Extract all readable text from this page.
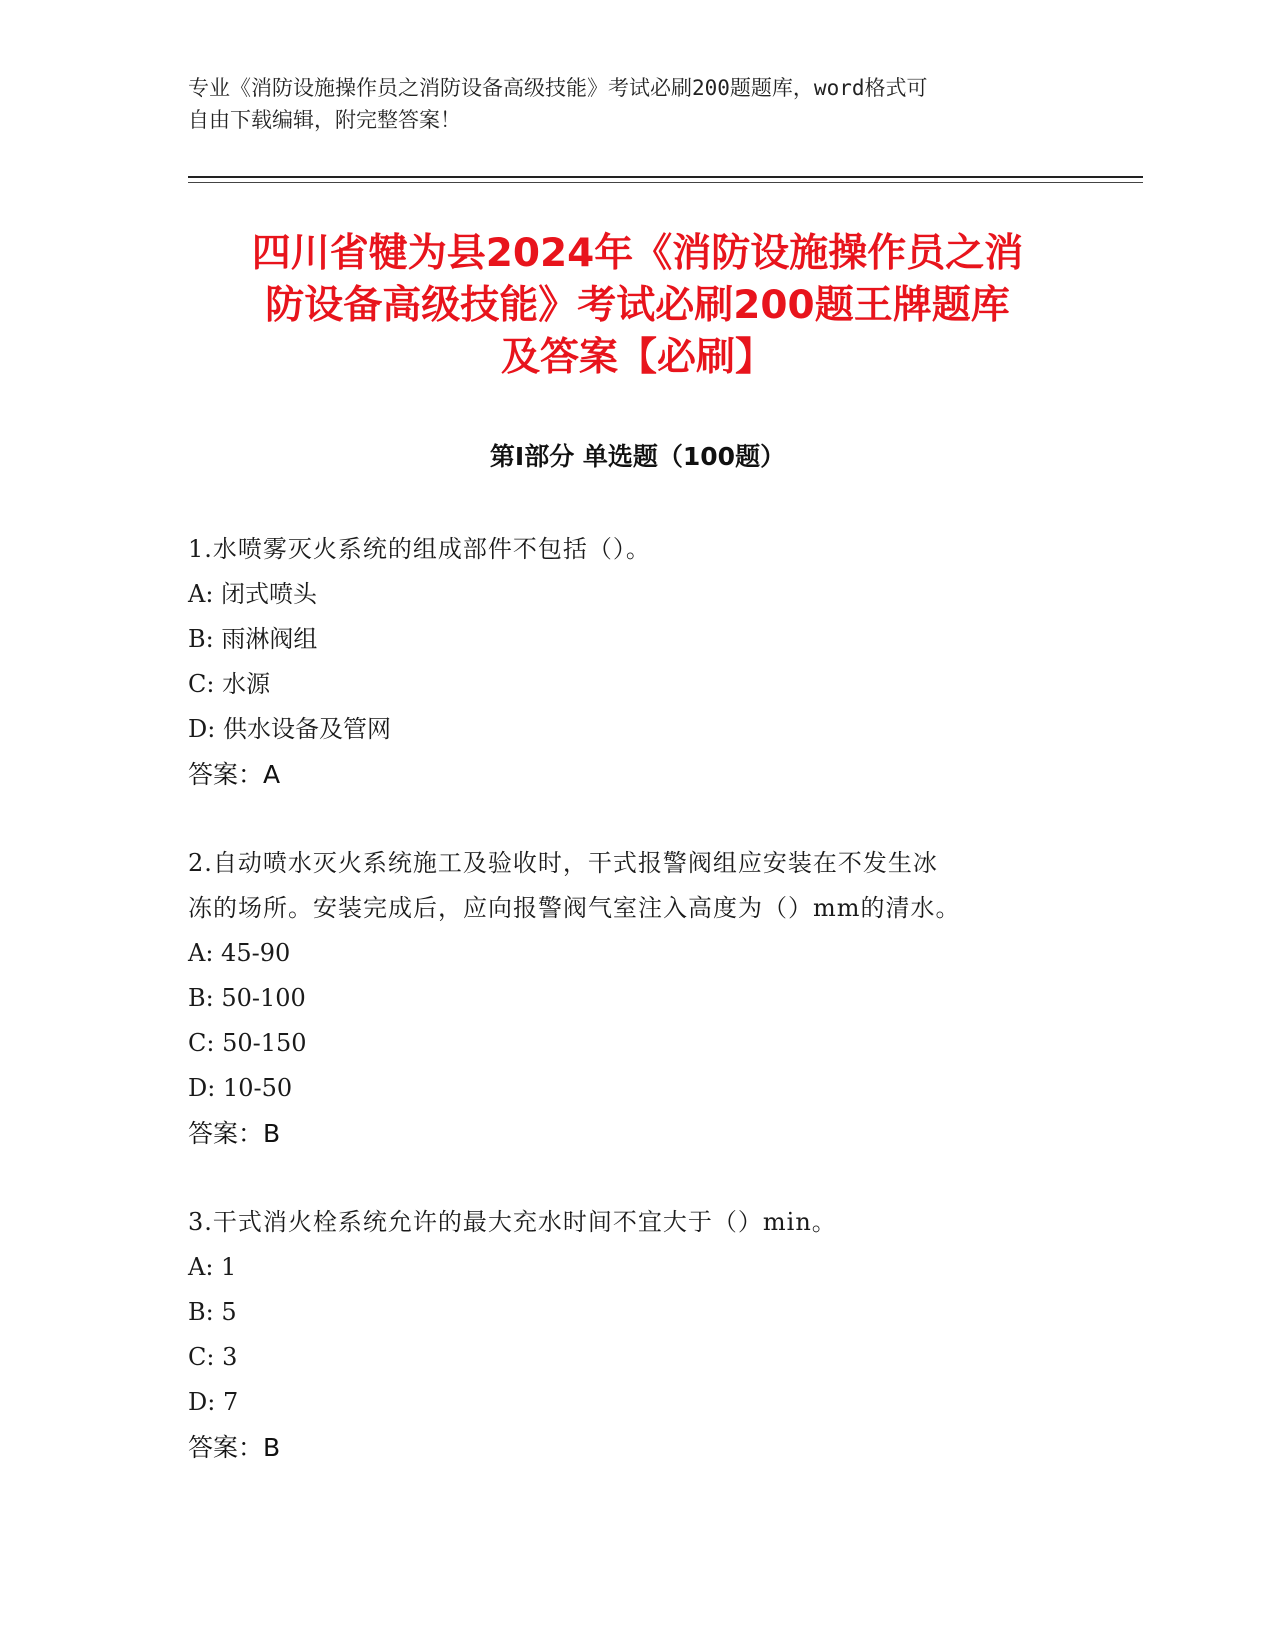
专业《消防设施操作员之消防设备高级技能》考试必刷200题题库，word格式可
自由下载编辑，附完整答案！
四川省犍为县2024年《消防设施操作员之消
防设备高级技能》考试必刷200题王牌题库
及答案【必刷】
第Ⅰ部分 单选题（100题）
1.水喷雾灭火系统的组成部件不包括（）。
A: 闭式喷头
B: 雨淋阀组
C: 水源
D: 供水设备及管网
答案：A
2.自动喷水灭火系统施工及验收时，干式报警阀组应安装在不发生冰
冻的场所。安装完成后，应向报警阀气室注入高度为（）mm的清水。
A: 45-90
B: 50-100
C: 50-150
D: 10-50
答案：B
3.干式消火栓系统允许的最大充水时间不宜大于（）min。
A: 1
B: 5
C: 3
D: 7
答案：B
